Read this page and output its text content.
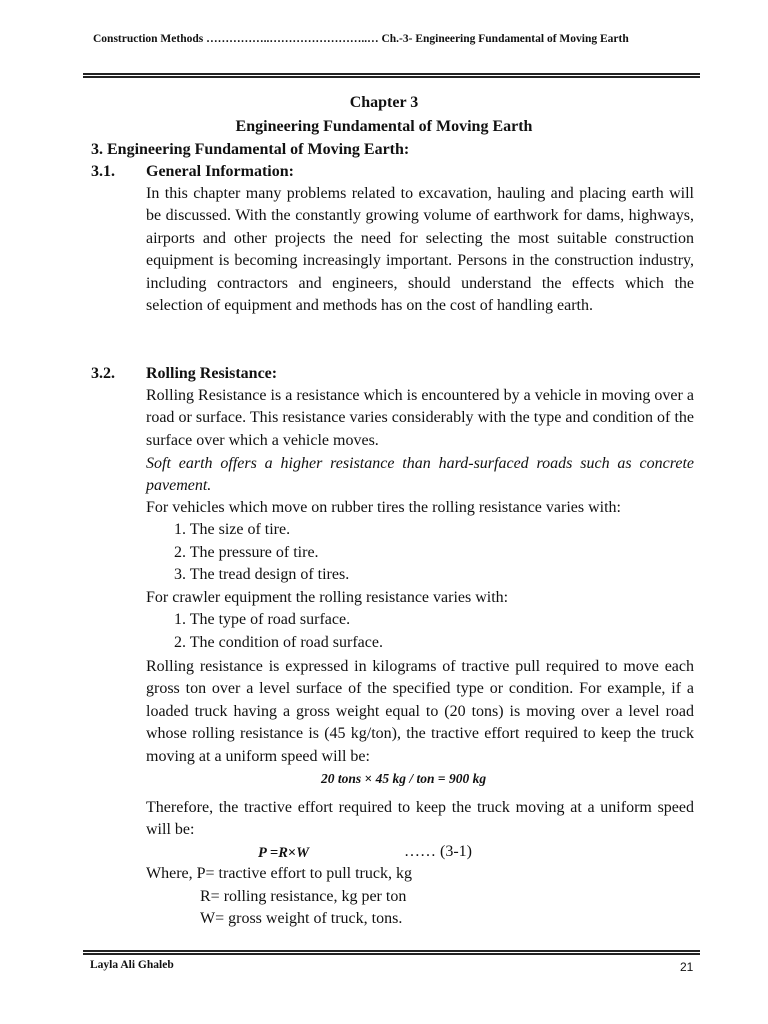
Construction Methods ……………..……………………..… Ch.-3- Engineering Fundamental of Moving Earth
Chapter 3
Engineering Fundamental of Moving Earth
3. Engineering Fundamental of Moving Earth:
3.1. General Information:
In this chapter many problems related to excavation, hauling and placing earth will be discussed. With the constantly growing volume of earthwork for dams, highways, airports and other projects the need for selecting the most suitable construction equipment is becoming increasingly important. Persons in the construction industry, including contractors and engineers, should understand the effects which the selection of equipment and methods has on the cost of handling earth.
3.2. Rolling Resistance:
Rolling Resistance is a resistance which is encountered by a vehicle in moving over a road or surface. This resistance varies considerably with the type and condition of the surface over which a vehicle moves.
Soft earth offers a higher resistance than hard-surfaced roads such as concrete pavement.
For vehicles which move on rubber tires the rolling resistance varies with:
1. The size of tire.
2. The pressure of tire.
3. The tread design of tires.
For crawler equipment the rolling resistance varies with:
1. The type of road surface.
2. The condition of road surface.
Rolling resistance is expressed in kilograms of tractive pull required to move each gross ton over a level surface of the specified type or condition. For example, if a loaded truck having a gross weight equal to (20 tons) is moving over a level road whose rolling resistance is (45 kg/ton), the tractive effort required to keep the truck moving at a uniform speed will be:
20 tons × 45 kg / ton = 900 kg
Therefore, the tractive effort required to keep the truck moving at a uniform speed will be:
P =R×W	…… (3-1)
Where, P= tractive effort to pull truck, kg
R= rolling resistance, kg per ton
W= gross weight of truck, tons.
Layla Ali Ghaleb	21
